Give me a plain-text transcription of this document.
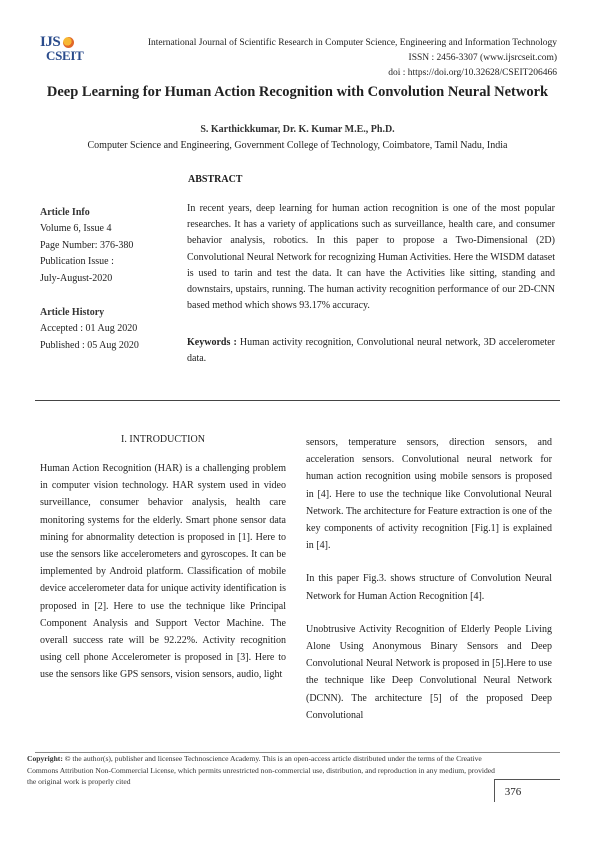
IJS
CSEIT
International Journal of Scientific Research in Computer Science, Engineering and Information Technology
ISSN : 2456-3307 (www.ijsrcseit.com)
doi : https://doi.org/10.32628/CSEIT206466
Deep Learning for Human Action Recognition with Convolution Neural Network
S. Karthickkumar, Dr. K. Kumar M.E., Ph.D.
Computer Science and Engineering, Government College of Technology, Coimbatore, Tamil Nadu, India
Article Info
Volume 6, Issue 4
Page Number: 376-380
Publication Issue :
July-August-2020
Article History
Accepted : 01 Aug 2020
Published : 05 Aug 2020
ABSTRACT
In recent years, deep learning for human action recognition is one of the most popular researches. It has a variety of applications such as surveillance, health care, and consumer behavior analysis, robotics. In this paper to propose a Two-Dimensional (2D) Convolutional Neural Network for recognizing Human Activities. Here the WISDM dataset is used to tarin and test the data. It can have the Activities like sitting, standing and downstairs, upstairs, running. The human activity recognition performance of our 2D-CNN based method which shows 93.17% accuracy.
Keywords : Human activity recognition, Convolutional neural network, 3D accelerometer data.
I. INTRODUCTION

Human Action Recognition (HAR) is a challenging problem in computer vision technology. HAR system used in video surveillance, consumer behavior analysis, health care monitoring systems for the elderly. Smart phone sensor data mining for abnormality detection is proposed in [1]. Here to use the sensors like accelerometers and gyroscopes. It can be implemented by Android platform. Classification of mobile device accelerometer data for unique activity identification is proposed in [2]. Here to use the technique like Principal Component Analysis and Support Vector Machine. The overall success rate will be 92.22%. Activity recognition using cell phone Accelerometer is proposed in [3]. Here to use the sensors like GPS sensors, vision sensors, audio, light

sensors, temperature sensors, direction sensors, and acceleration sensors. Convolutional neural network for human action recognition using mobile sensors is proposed in [4]. Here to use the technique like Convolutional Neural Network. The architecture for Feature extraction is one of the key components of activity recognition [Fig.1] is explained in [4].

In this paper Fig.3. shows structure of Convolution Neural Network for Human Action Recognition [4].

Unobtrusive Activity Recognition of Elderly People Living Alone Using Anonymous Binary Sensors and Deep Convolutional Neural Network is proposed in [5].Here to use the technique like Deep Convolutional Neural Network (DCNN). The architecture [5] of the proposed Deep Convolutional

Copyright: © the author(s), publisher and licensee Technoscience Academy. This is an open-access article distributed under the terms of the Creative Commons Attribution Non-Commercial License, which permits unrestricted non-commercial use, distribution, and reproduction in any medium, provided the original work is properly cited
376
